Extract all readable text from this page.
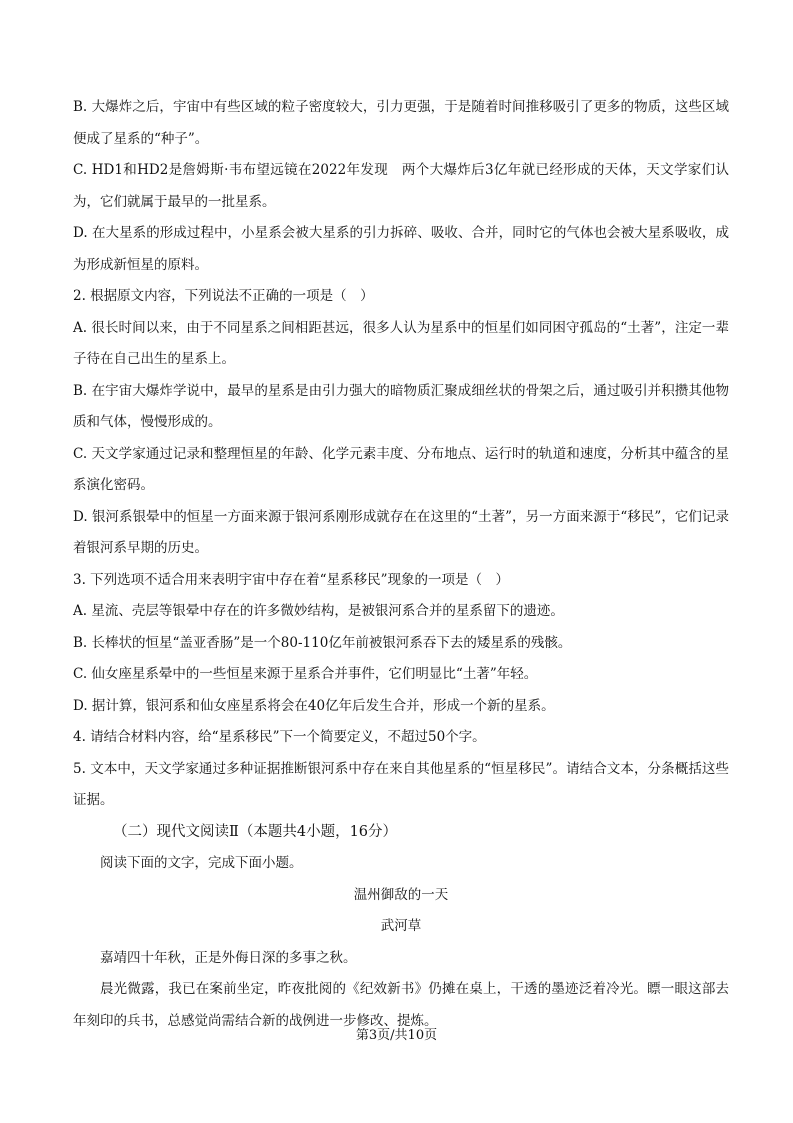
B. 大爆炸之后，宇宙中有些区域的粒子密度较大，引力更强，于是随着时间推移吸引了更多的物质，这些区域便成了星系的“种子”。

C. HD1和HD2是詹姆斯·韦布望远镜在2022年发现　两个大爆炸后3亿年就已经形成的天体，天文学家们认为，它们就属于最早的一批星系。

D. 在大星系的形成过程中，小星系会被大星系的引力拆碎、吸收、合并，同时它的气体也会被大星系吸收，成为形成新恒星的原料。

2. 根据原文内容，下列说法不正确的一项是（　）

A. 很长时间以来，由于不同星系之间相距甚远，很多人认为星系中的恒星们如同困守孤岛的“土著”，注定一辈子待在自己出生的星系上。

B. 在宇宙大爆炸学说中，最早的星系是由引力强大的暗物质汇聚成细丝状的骨架之后，通过吸引并积攒其他物质和气体，慢慢形成的。

C. 天文学家通过记录和整理恒星的年龄、化学元素丰度、分布地点、运行时的轨道和速度，分析其中蕴含的星系演化密码。

D. 银河系银晕中的恒星一方面来源于银河系刚形成就存在在这里的“土著”，另一方面来源于“移民”，它们记录着银河系早期的历史。

3. 下列选项不适合用来表明宇宙中存在着“星系移民”现象的一项是（　）

A. 星流、壳层等银晕中存在的许多微妙结构，是被银河系合并的星系留下的遗迹。

B. 长棒状的恒星“盖亚香肠”是一个80-110亿年前被银河系吞下去的矮星系的残骸。

C. 仙女座星系晕中的一些恒星来源于星系合并事件，它们明显比“土著”年轻。

D. 据计算，银河系和仙女座星系将会在40亿年后发生合并，形成一个新的星系。

4. 请结合材料内容，给“星系移民”下一个简要定义，不超过50个字。

5. 文本中，天文学家通过多种证据推断银河系中存在来自其他星系的“恒星移民”。请结合文本，分条概括这些证据。

（二）现代文阅读Ⅱ（本题共4小题，16分）

阅读下面的文字，完成下面小题。

温州御敌的一天

武河草

嘉靖四十年秋，正是外侮日深的多事之秋。

晨光微露，我已在案前坐定，昨夜批阅的《纪效新书》仍摊在桌上，干透的墨迹泛着冷光。瞟一眼这部去年刻印的兵书，总感觉尚需结合新的战例进一步修改、提炼。

第3页/共10页
